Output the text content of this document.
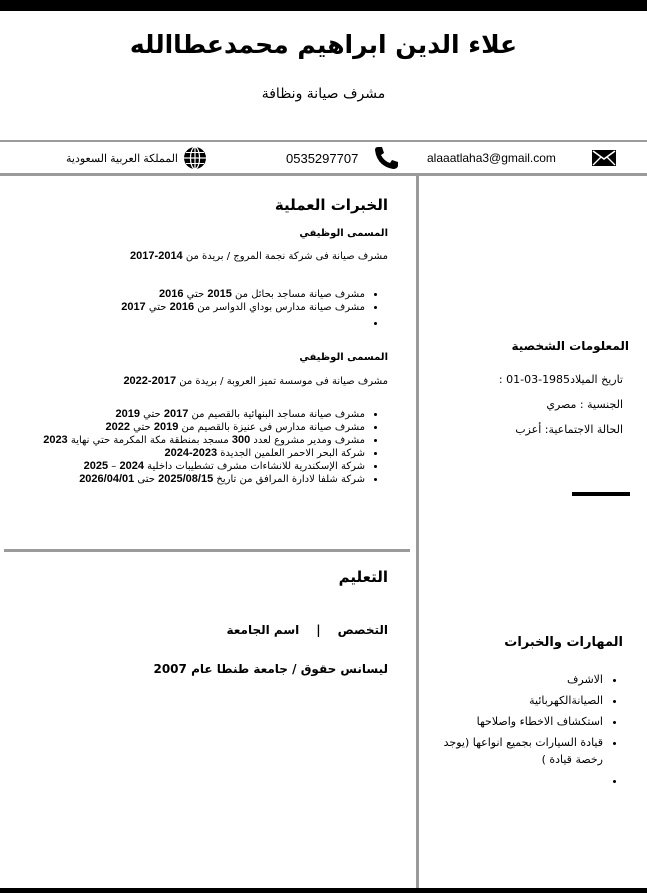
علاء الدين ابراهيم محمدعطاالله
مشرف صيانة ونظافة
alaaatlaha3@gmail.com
0535297707
المملكة العربية السعودية
الخبرات العملية
المسمى الوظيفي
مشرف صيانة فى شركة نجمة المروج / بريدة من 2014-2017
• مشرف صيانة مساجد بحائل من 2015 حتي 2016
• مشرف صيانة مدارس بوداي الدواسر من 2016 حتي 2017
•
المسمى الوظيفي
مشرف صيانة فى موسسة تميز العروبة / بريدة من 2017-2022
• مشرف صيانة مساجد البنهائية بالقصيم من 2017 حتي 2019
• مشرف صيانة مدارس فى عنيزة بالقصيم من 2019 حتي 2022
• مشرف ومدير مشروع لعدد 300 مسجد بمنطقة مكة المكرمة حتي نهاية 2023
• شركة البحر الاحمر العلمين الجديدة 2023-2024
• شركة الإسكندرية للانشاءات مشرف تشطيبات داخلية 2024 – 2025
• شركة شلفا لادارة المرافق من تاريخ 2025/08/15 حتى 2026/04/01
التعليم
التخصص | اسم الجامعة
ليسانس حقوق / جامعة طنطا عام 2007
المعلومات الشخصية
تاريخ الميلاد1985-03-01 :
الجنسية : مصري
الحالة الاجتماعية: أعزب
المهارات والخبرات
• الاشرف
• الصيانةالكهربائية
• استكشاف الاخطاء واصلاحها
• قيادة السيارات بجميع انواعها (يوجد رخصة قيادة )
•
